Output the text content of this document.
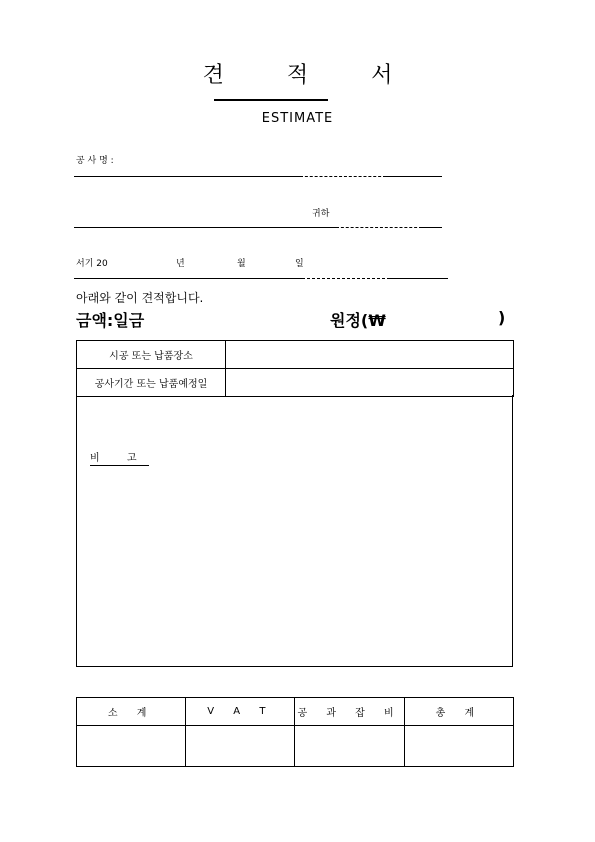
견 적 서
ESTIMATE
공 사 명 :
귀하
서기 20	년	월	일
아래와 같이 견적합니다.
금액:일금	원정(₩	)
시공 또는 납품장소	
공사기간 또는 납품예정일	
비 고
소 계	V A T	공 과 잡 비	총 계
